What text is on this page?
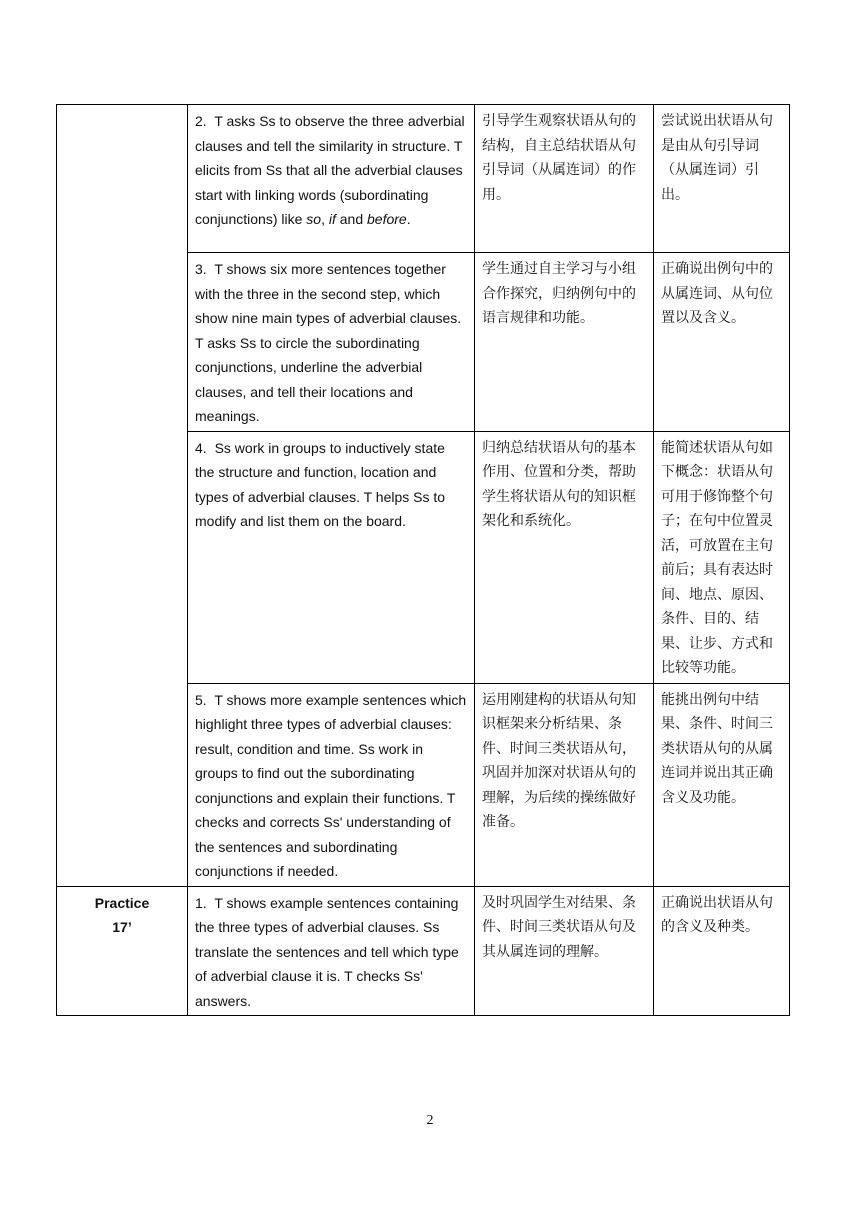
	2. T asks Ss to observe the three adverbial clauses and tell the similarity in structure. T elicits from Ss that all the adverbial clauses start with linking words (subordinating conjunctions) like so, if and before.	引导学生观察状语从句的结构，自主总结状语从句引导词（从属连词）的作用。	尝试说出状语从句是由从句引导词（从属连词）引出。
	3. T shows six more sentences together with the three in the second step, which show nine main types of adverbial clauses. T asks Ss to circle the subordinating conjunctions, underline the adverbial clauses, and tell their locations and meanings.	学生通过自主学习与小组合作探究，归纳例句中的语言规律和功能。	正确说出例句中的从属连词、从句位置以及含义。
	4. Ss work in groups to inductively state the structure and function, location and types of adverbial clauses. T helps Ss to modify and list them on the board.	归纳总结状语从句的基本作用、位置和分类，帮助学生将状语从句的知识框架化和系统化。	能简述状语从句如下概念：状语从句可用于修饰整个句子；在句中位置灵活，可放置在主句前后；具有表达时间、地点、原因、条件、目的、结果、让步、方式和比较等功能。
	5. T shows more example sentences which highlight three types of adverbial clauses: result, condition and time. Ss work in groups to find out the subordinating conjunctions and explain their functions. T checks and corrects Ss' understanding of the sentences and subordinating conjunctions if needed.	运用刚建构的状语从句知识框架来分析结果、条件、时间三类状语从句，巩固并加深对状语从句的理解，为后续的操练做好准备。	能挑出例句中结果、条件、时间三类状语从句的从属连词并说出其正确含义及功能。

Practice
17’	1. T shows example sentences containing the three types of adverbial clauses. Ss translate the sentences and tell which type of adverbial clause it is. T checks Ss' answers.	及时巩固学生对结果、条件、时间三类状语从句及其从属连词的理解。	正确说出状语从句的含义及种类。
2
